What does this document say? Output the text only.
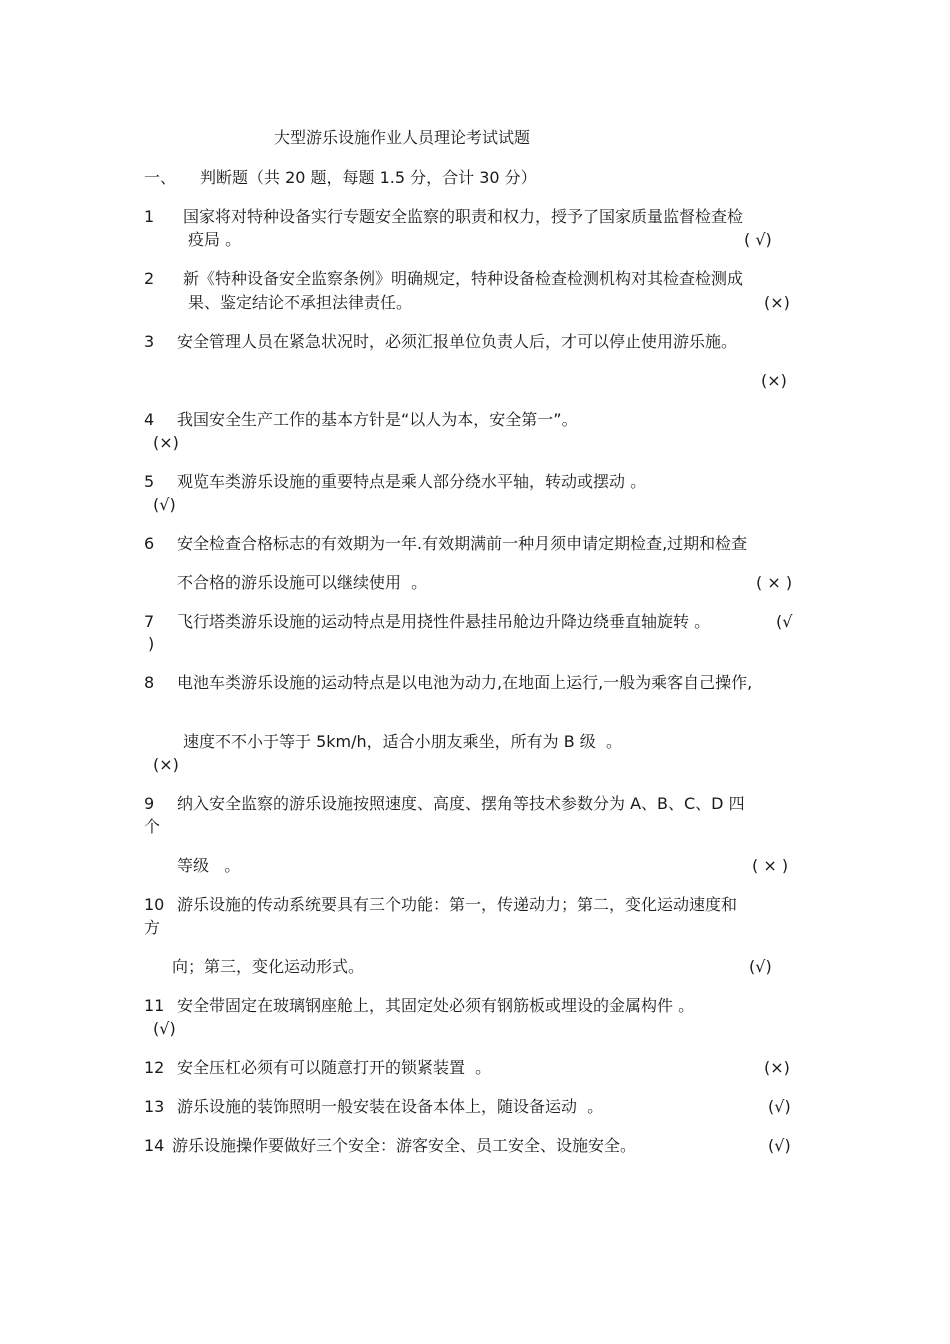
大型游乐设施作业人员理论考试试题
一、 判断题（共 20 题，每题 1.5 分，合计 30 分）
1 国家将对特种设备实行专题安全监察的职责和权力，授予了国家质量监督检查检
疫局 。	( √)
2 新《特种设备安全监察条例》明确规定，特种设备检查检测机构对其检查检测成
果、鉴定结论不承担法律责任。	(×)
3 安全管理人员在紧急状况时，必须汇报单位负责人后，才可以停止使用游乐施。
(×)
4 我国安全生产工作的基本方针是“以人为本，安全第一”。
(×)
5 观览车类游乐设施的重要特点是乘人部分绕水平轴，转动或摆动 。
(√)
6 安全检查合格标志的有效期为一年.有效期满前一种月须申请定期检查,过期和检查
不合格的游乐设施可以继续使用  。	( × )
7 飞行塔类游乐设施的运动特点是用挠性件悬挂吊舱边升降边绕垂直轴旋转 。	(√
)
8 电池车类游乐设施的运动特点是以电池为动力,在地面上运行,一般为乘客自己操作,
速度不不小于等于 5km/h，适合小朋友乘坐，所有为 B 级  。
(×)
9 纳入安全监察的游乐设施按照速度、高度、摆角等技术参数分为 A、B、C、D 四
个
等级   。	( × )
10 游乐设施的传动系统要具有三个功能：第一，传递动力；第二，变化运动速度和
方
向；第三，变化运动形式。	(√)
11 安全带固定在玻璃钢座舱上，其固定处必须有钢筋板或埋设的金属构件 。
(√)
12 安全压杠必须有可以随意打开的锁紧装置  。	(×)
13 游乐设施的装饰照明一般安装在设备本体上，随设备运动  。	(√)
14 游乐设施操作要做好三个安全：游客安全、员工安全、设施安全。	(√)
